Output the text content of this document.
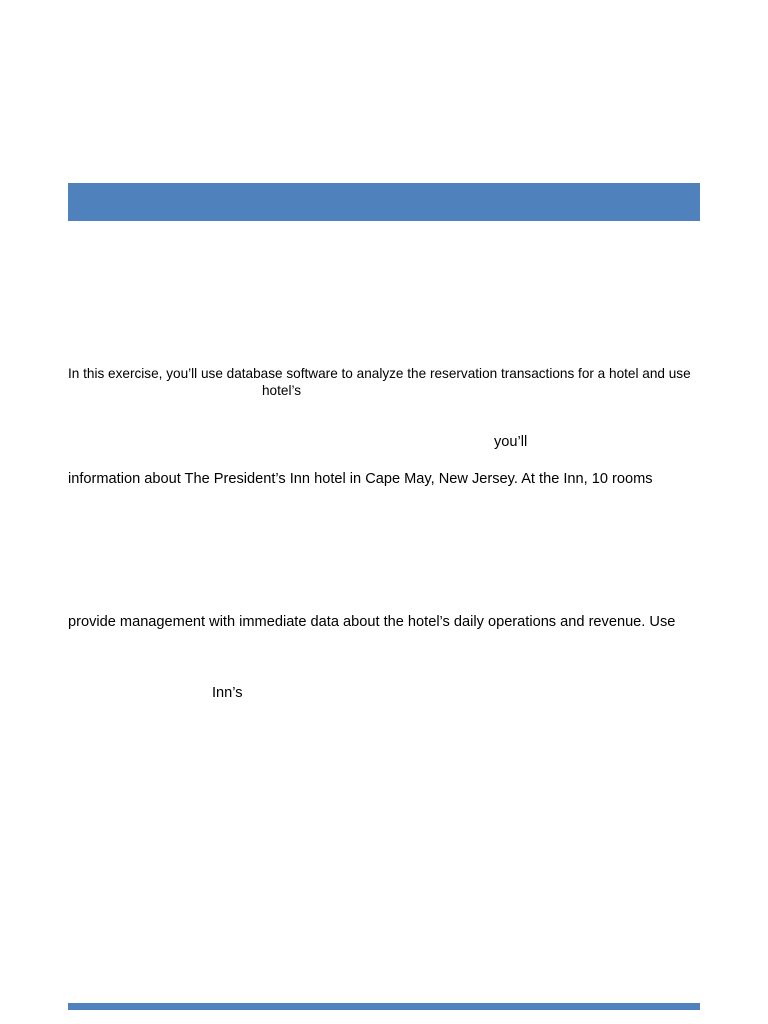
In this exercise, you’ll use database software to analyze the reservation transactions for a hotel and use
hotel’s
you’ll
information about The President’s Inn hotel in Cape May, New Jersey. At the Inn, 10 rooms
provide management with immediate data about the hotel’s daily operations and revenue. Use
Inn’s
